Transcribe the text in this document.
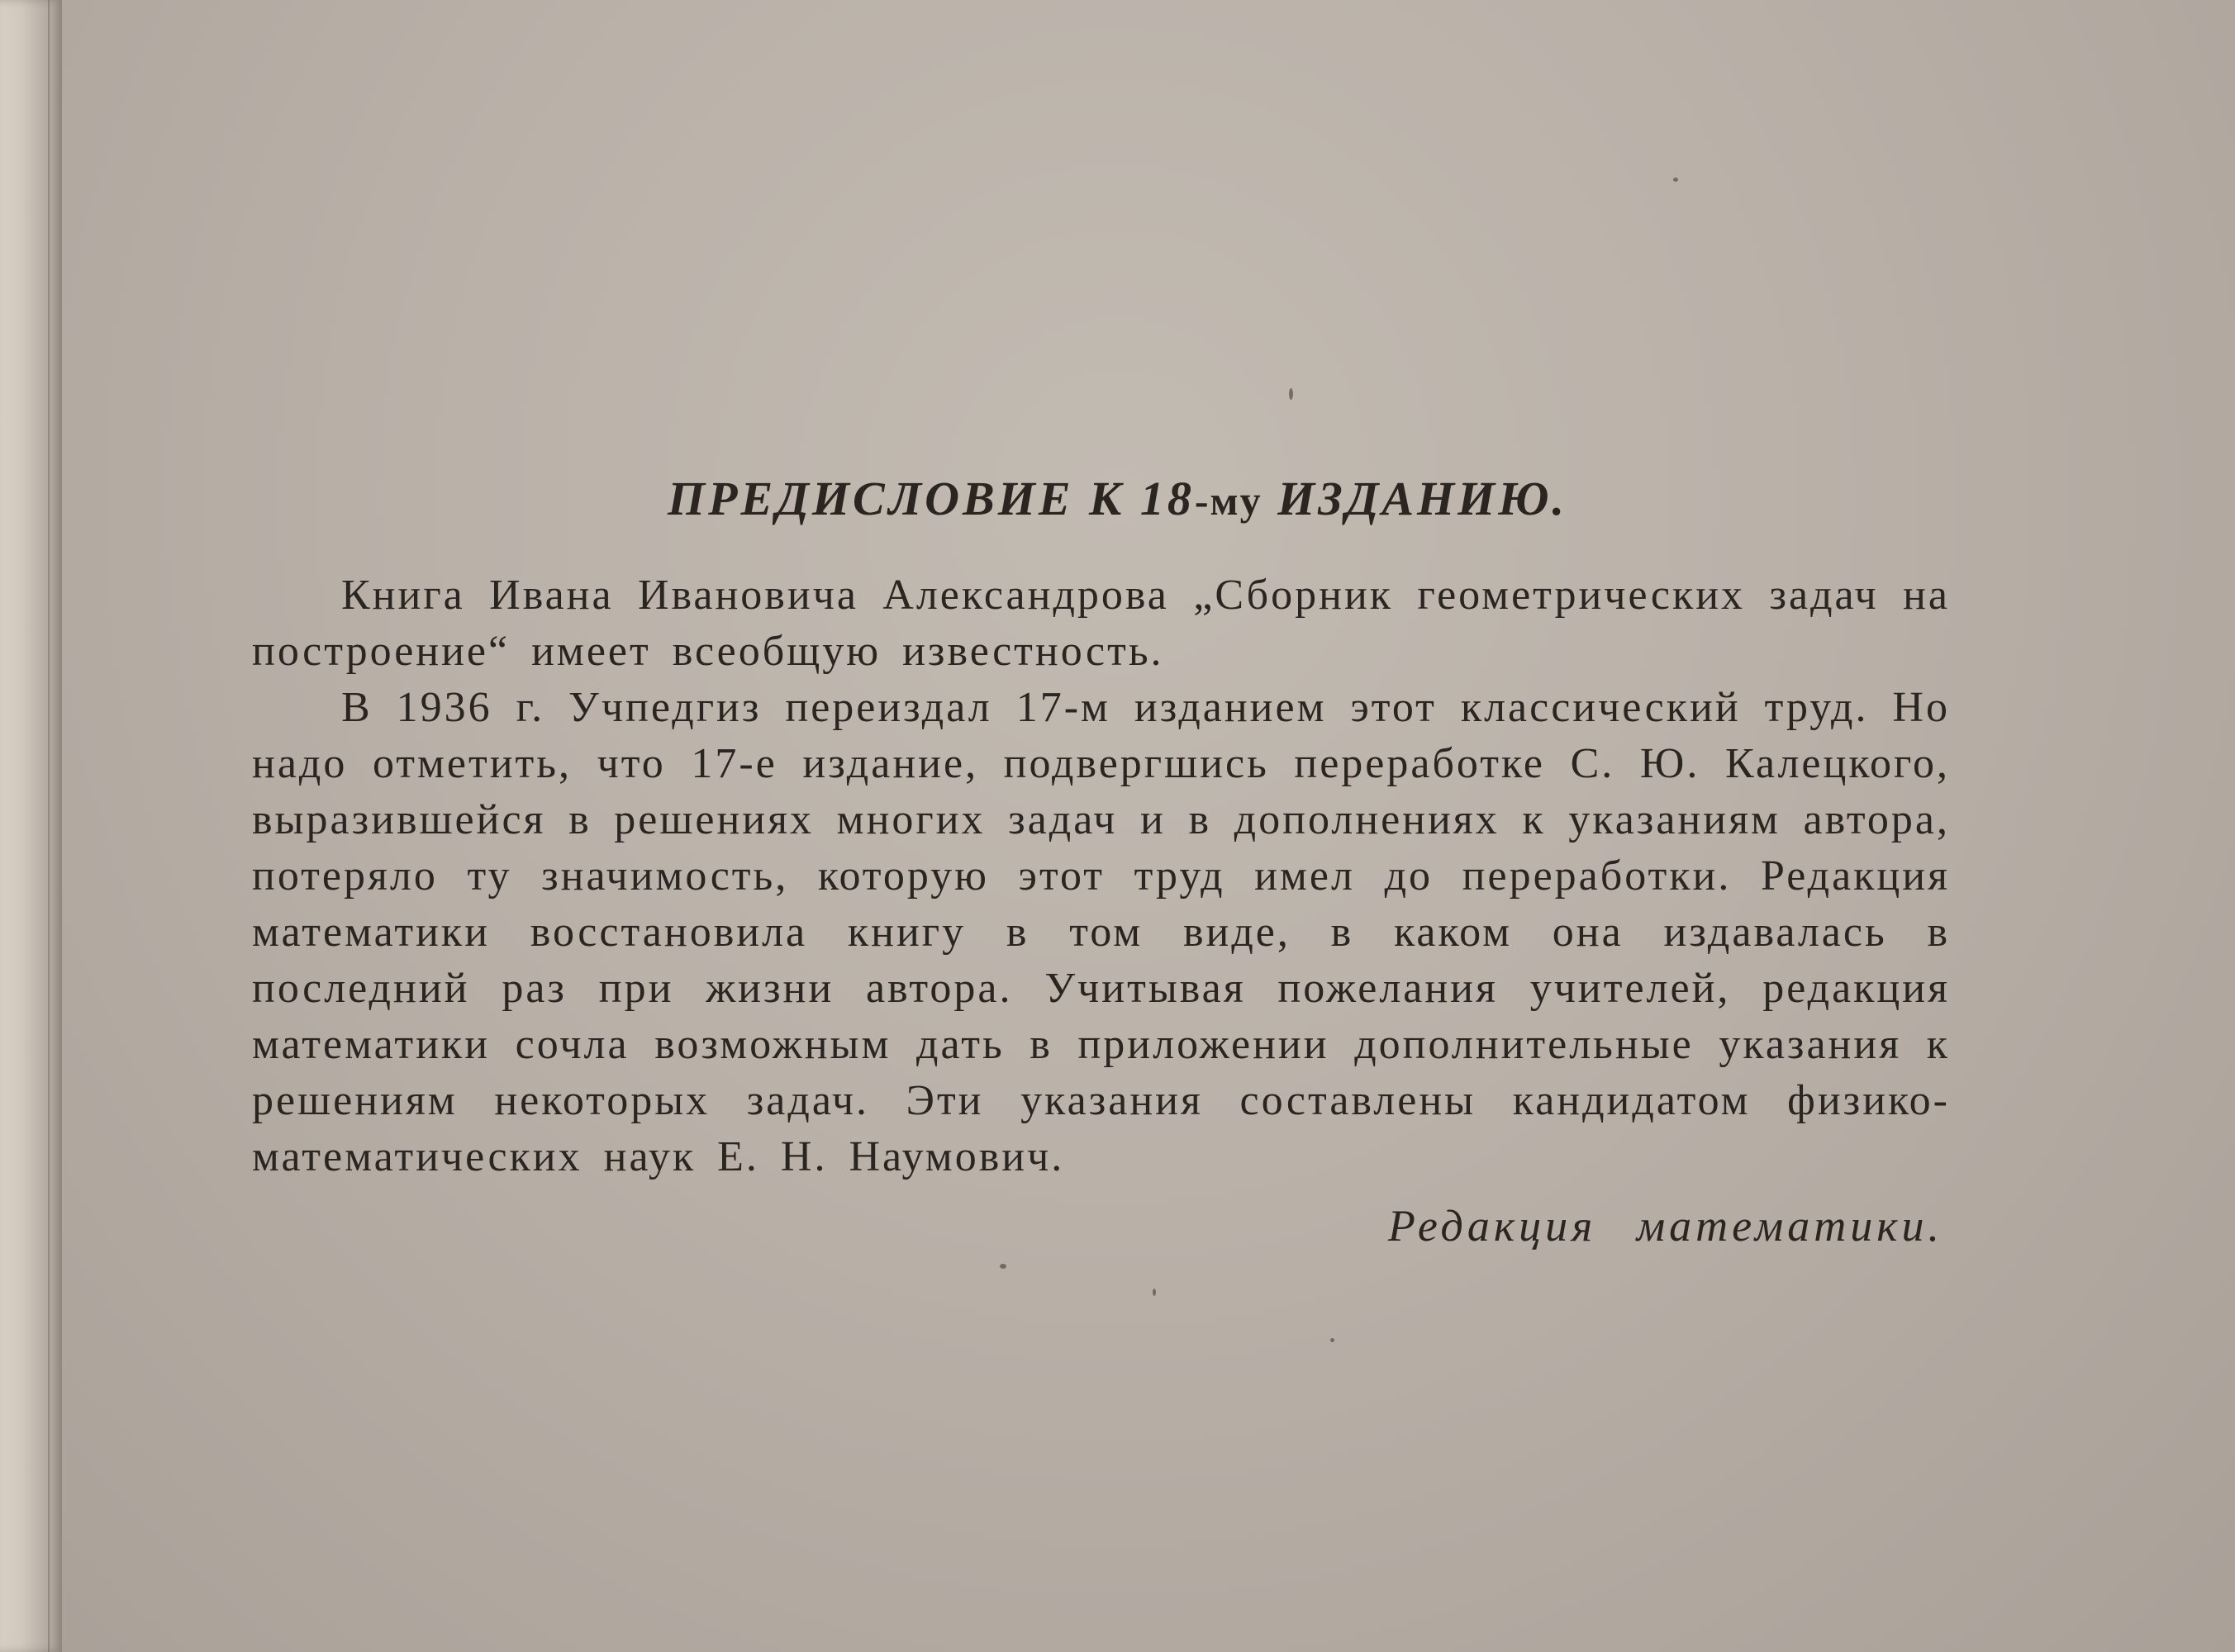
ПРЕДИСЛОВИЕ К 18-му ИЗДАНИЮ.

Книга Ивана Ивановича Александрова „Сборник геометрических задач на построение“ имеет всеобщую известность.

В 1936 г. Учпедгиз переиздал 17-м изданием этот классический труд. Но надо отметить, что 17-е издание, подвергшись переработке С. Ю. Калецкого, выразившейся в решениях многих задач и в дополнениях к указаниям автора, потеряло ту значимость, которую этот труд имел до переработки. Редакция математики восстановила книгу в том виде, в каком она издавалась в последний раз при жизни автора. Учитывая пожелания учителей, редакция математики сочла возможным дать в приложении дополнительные указания к решениям некоторых задач. Эти указания составлены кандидатом физико-математических наук Е. Н. Наумович.

Редакция математики.
